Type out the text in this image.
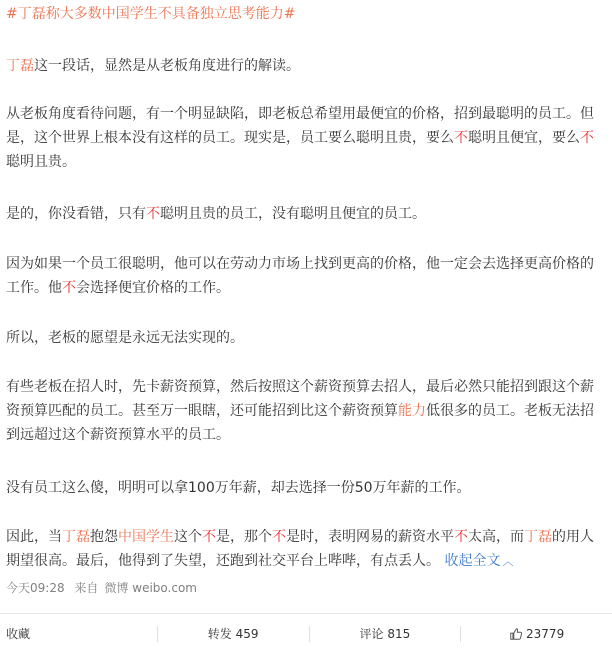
#丁磊称大多数中国学生不具备独立思考能力#

丁磊这一段话，显然是从老板角度进行的解读。

从老板角度看待问题，有一个明显缺陷，即老板总希望用最便宜的价格，招到最聪明的员工。但是，这个世界上根本没有这样的员工。现实是，员工要么聪明且贵，要么不聪明且便宜，要么不聪明且贵。

是的，你没看错，只有不聪明且贵的员工，没有聪明且便宜的员工。

因为如果一个员工很聪明，他可以在劳动力市场上找到更高的价格，他一定会去选择更高价格的工作。他不会选择便宜价格的工作。

所以，老板的愿望是永远无法实现的。

有些老板在招人时，先卡薪资预算，然后按照这个薪资预算去招人，最后必然只能招到跟这个薪资预算匹配的员工。甚至万一眼瞎，还可能招到比这个薪资预算能力低很多的员工。老板无法招到远超过这个薪资预算水平的员工。

没有员工这么傻，明明可以拿100万年薪，却去选择一份50万年薪的工作。

因此，当丁磊抱怨中国学生这个不是，那个不是时，表明网易的薪资水平不太高，而丁磊的用人期望很高。最后，他得到了失望，还跑到社交平台上哔哔，有点丢人。 收起全文 ︿

今天09:28 来自 微博 weibo.com
收藏	转发 459	评论 815	23779
